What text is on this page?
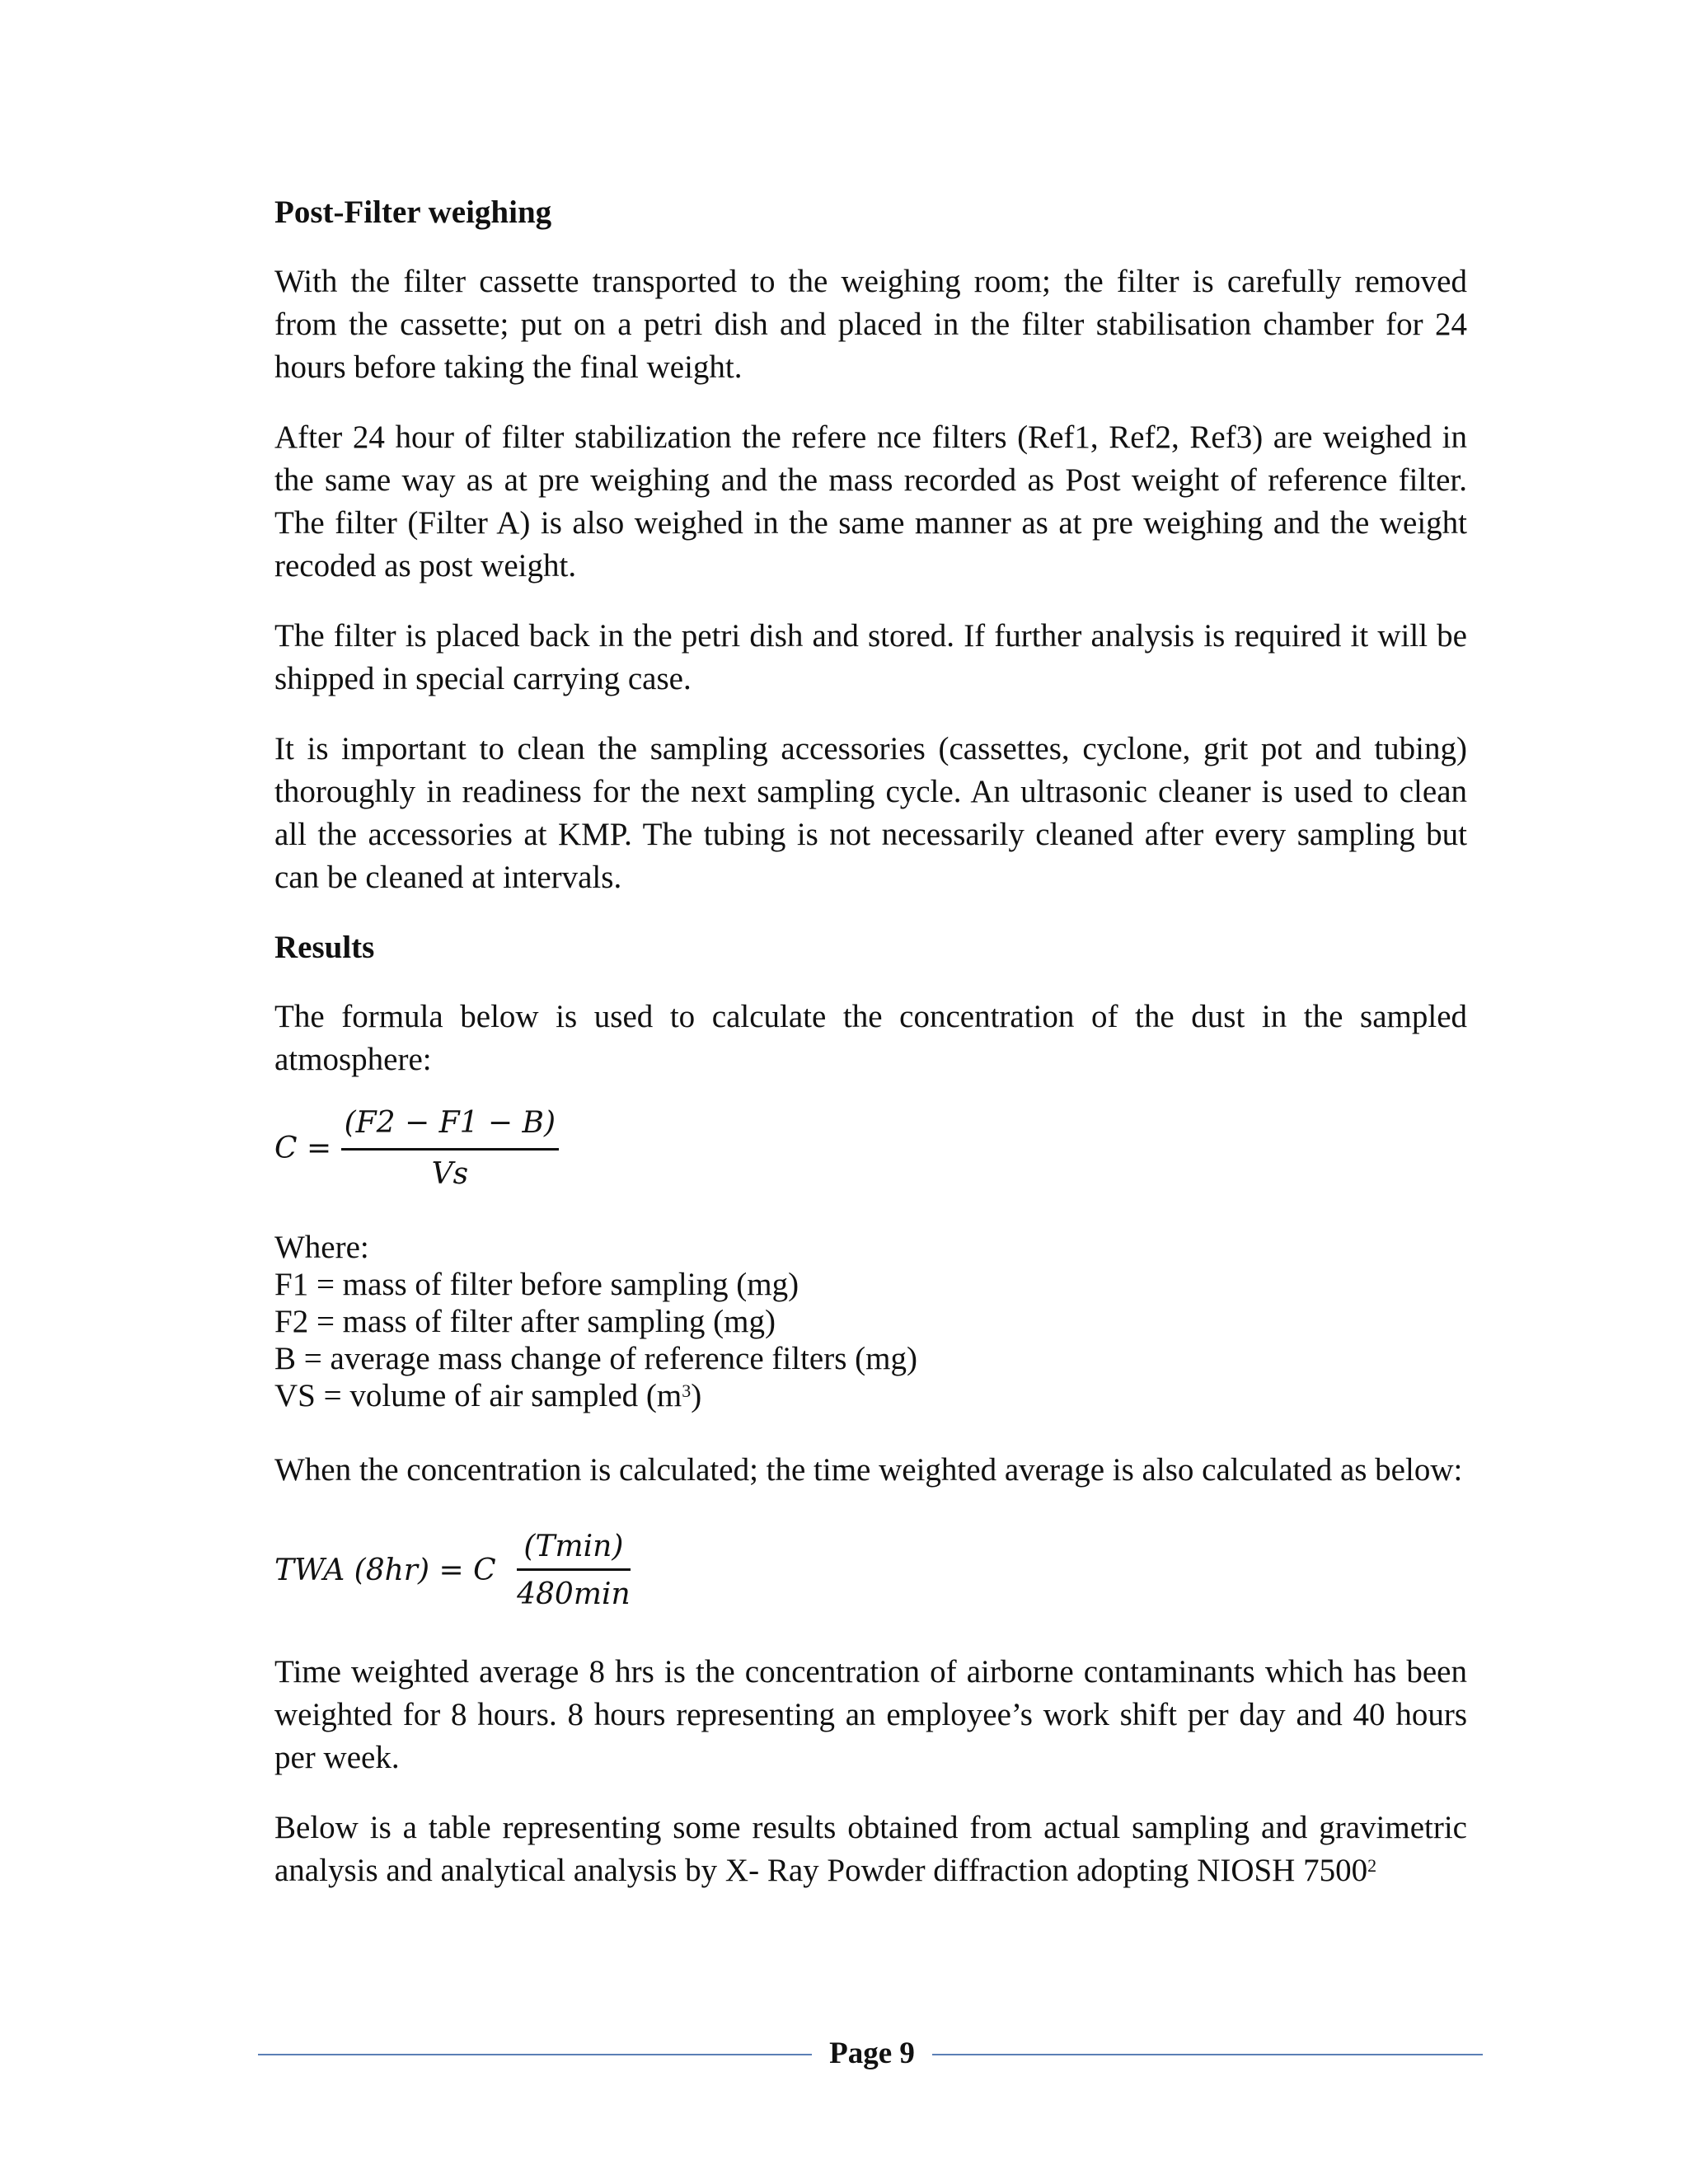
Post-Filter weighing

With the filter cassette transported to the weighing room; the filter is carefully removed from the cassette; put on a petri dish and placed in the filter stabilisation chamber for 24 hours before taking the final weight.

After 24 hour of filter stabilization the refere nce filters (Ref1, Ref2, Ref3) are weighed in the same way as at pre weighing and the mass recorded as Post weight of reference filter. The filter (Filter A) is also weighed in the same manner as at pre weighing and the weight recoded as post weight.

The filter is placed back in the petri dish and stored. If further analysis is required it will be shipped in special carrying case.

It is important to clean the sampling accessories (cassettes, cyclone, grit pot and tubing) thoroughly in readiness for the next sampling cycle. An ultrasonic cleaner is used to clean all the accessories at KMP. The tubing is not necessarily cleaned after every sampling but can be cleaned at intervals.

Results

The formula below is used to calculate the concentration of the dust in the sampled atmosphere:

$C = \frac{(F2 - F1 - B)}{Vs}$
Where:
F1 = mass of filter before sampling (mg)
F2 = mass of filter after sampling (mg)
B = average mass change of reference filters (mg)
VS = volume of air sampled $(m^3)$

When the concentration is calculated; the time weighted average is also calculated as below:

TWA (8hr) = C $\frac{(Tmin)}{480\min}$

Time weighted average 8 hrs is the concentration of airborne contaminants which has been weighted for 8 hours. 8 hours representing an employee’s work shift per day and 40 hours per week.

Below is a table representing some results obtained from actual sampling and gravimetric analysis and analytical analysis by X- Ray Powder diffraction adopting NIOSH 7500$^2$

Page 9
